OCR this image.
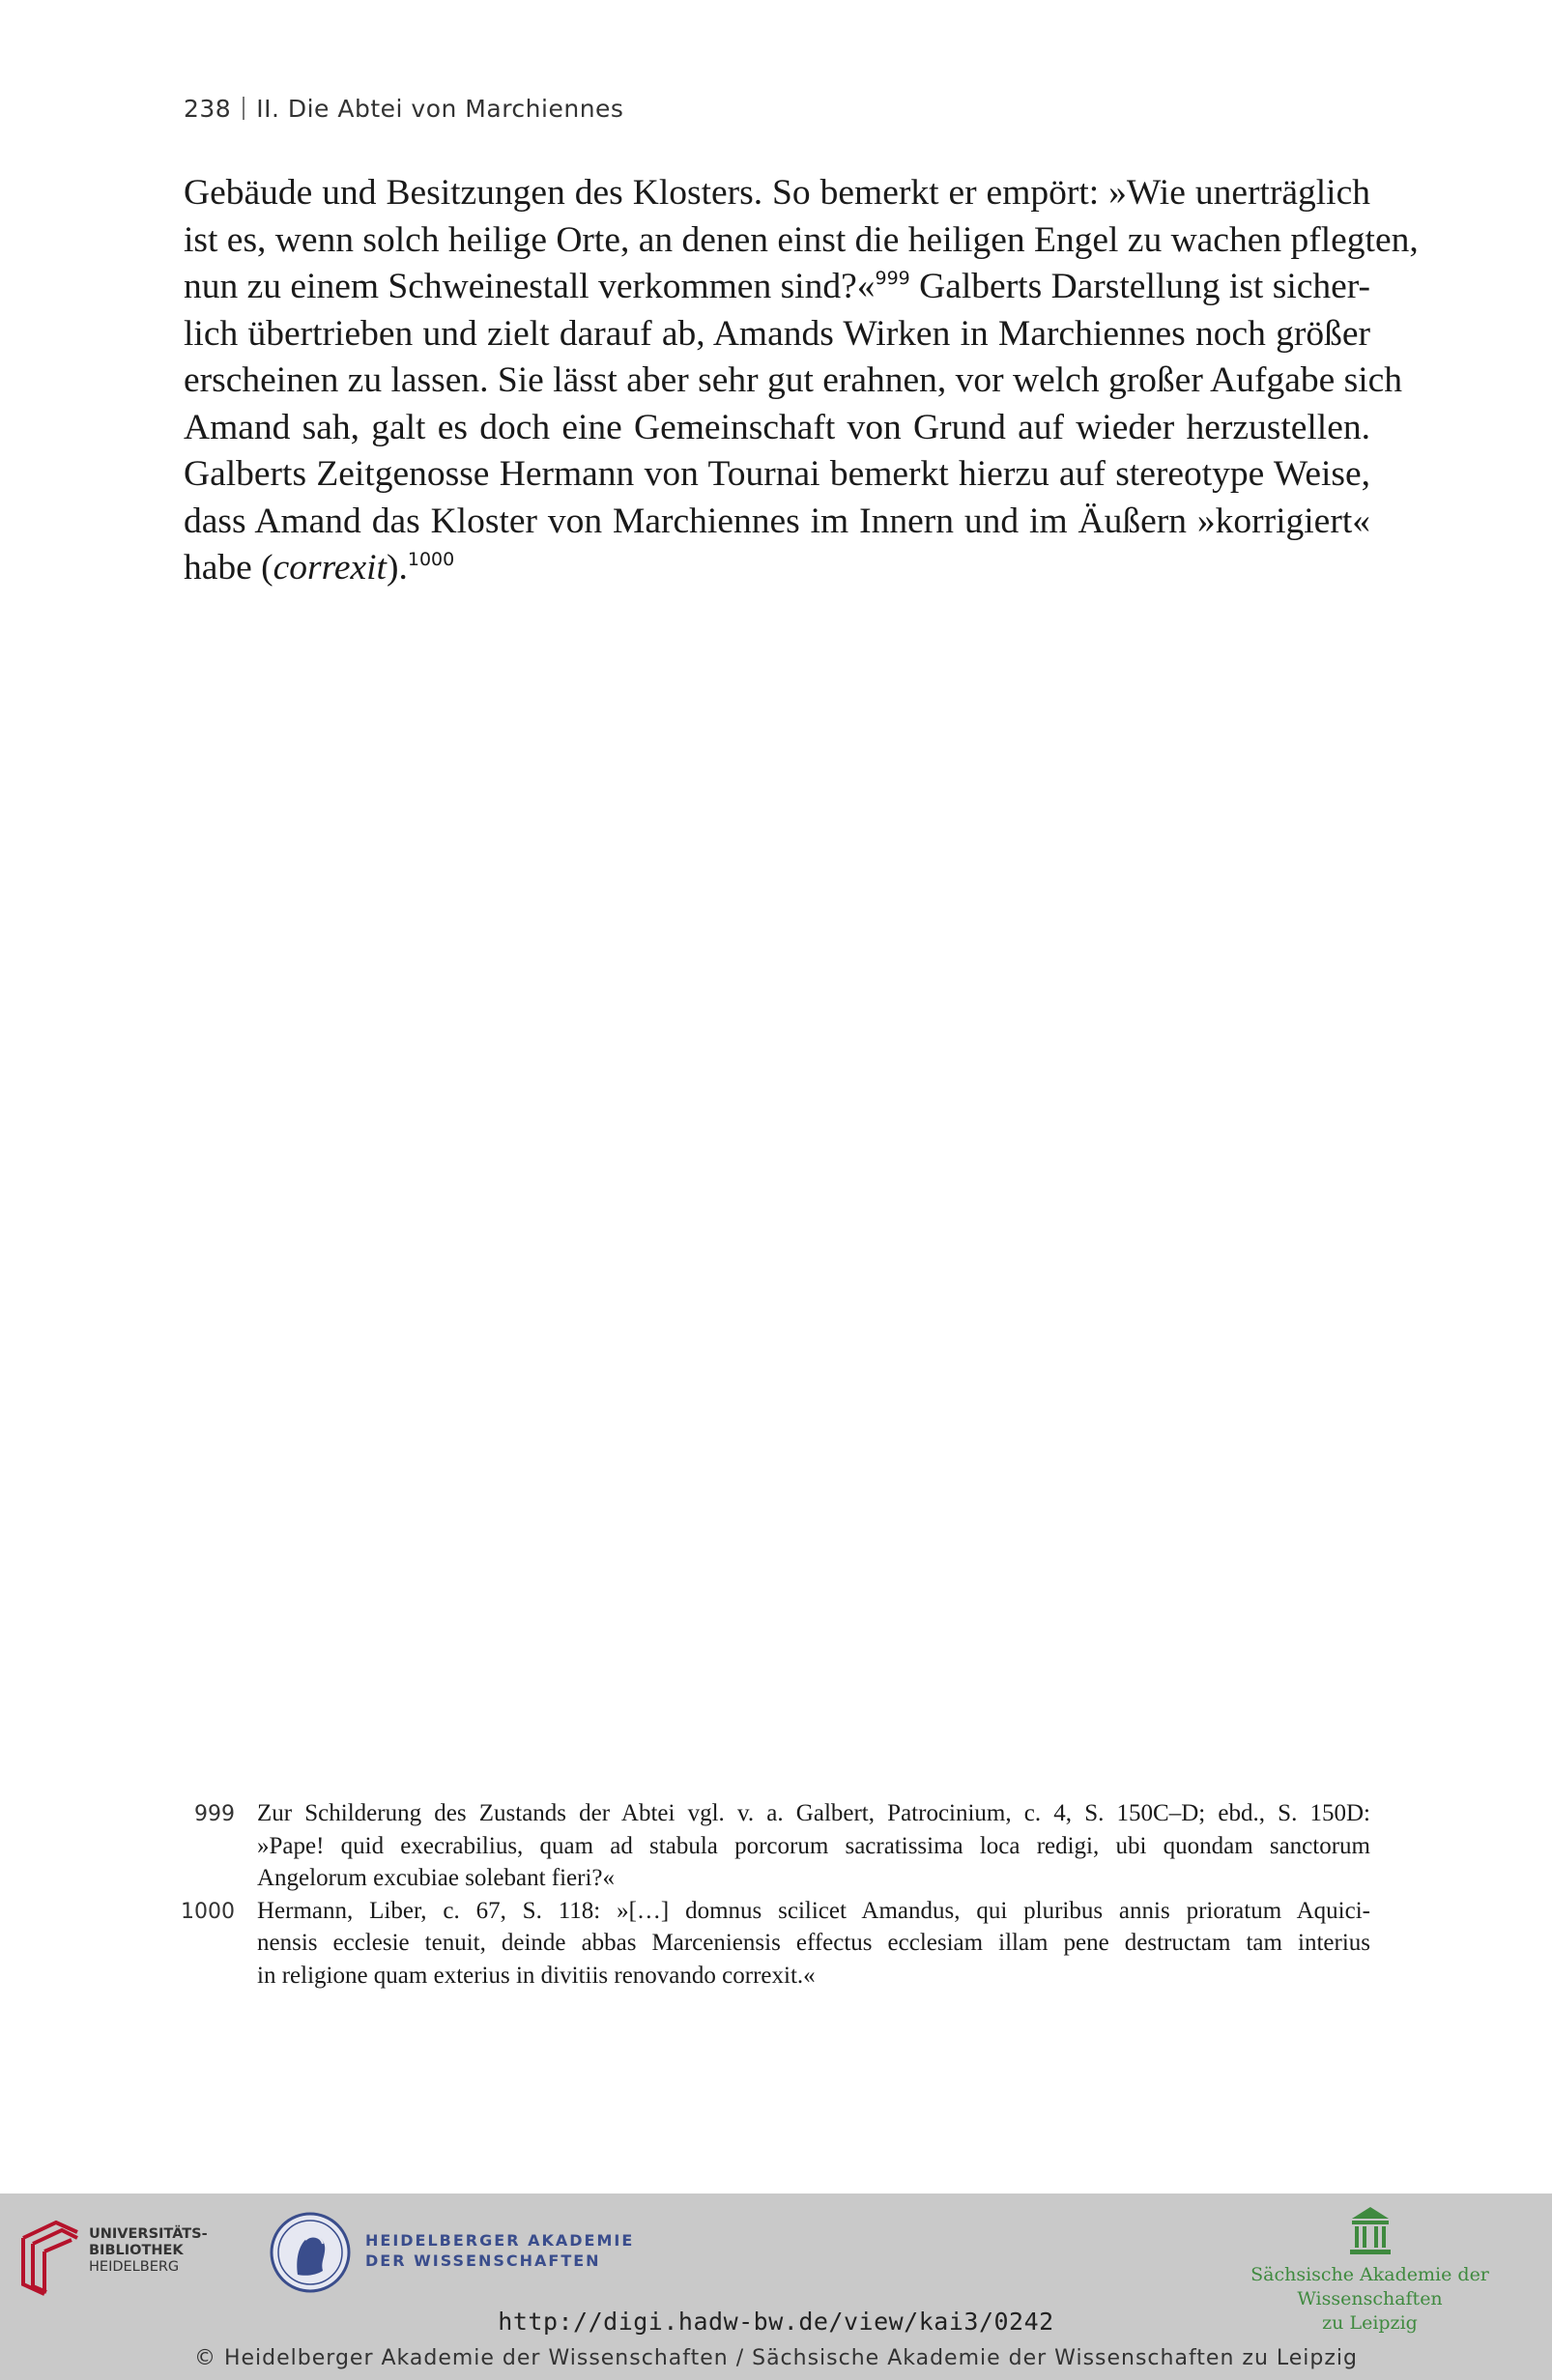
238 II. Die Abtei von Marchiennes
Gebäude und Besitzungen des Klosters. So bemerkt er empört: »Wie unerträglich
ist es, wenn solch heilige Orte, an denen einst die heiligen Engel zu wachen pflegten,
nun zu einem Schweinestall verkommen sind?«$^{999}$ Galberts Darstellung ist sicher-
lich übertrieben und zielt darauf ab, Amands Wirken in Marchiennes noch größer
erscheinen zu lassen. Sie lässt aber sehr gut erahnen, vor welch großer Aufgabe sich
Amand sah, galt es doch eine Gemeinschaft von Grund auf wieder herzustellen.
Galberts Zeitgenosse Hermann von Tournai bemerkt hierzu auf stereotype Weise,
dass Amand das Kloster von Marchiennes im Innern und im Äußern »korrigiert«
habe (correxit).$^{1000}$
999 Zur Schilderung des Zustands der Abtei vgl. v. a. Galbert, Patrocinium, c. 4, S. 150C–D; ebd., S. 150D:
»Pape! quid execrabilius, quam ad stabula porcorum sacratissima loca redigi, ubi quondam sanctorum
Angelorum excubiae solebant fieri?«
1000 Hermann, Liber, c. 67, S. 118: »[…] domnus scilicet Amandus, qui pluribus annis prioratum Aquici-
nensis ecclesie tenuit, deinde abbas Marceniensis effectus ecclesiam illam pene destructam tam interius
in religione quam exterius in divitiis renovando correxit.«
UNIVERSITÄTS-
BIBLIOTHEK
HEIDELBERG
HEIDELBERGER AKADEMIE
DER WISSENSCHAFTEN
Sächsische Akademie der Wissenschaften
zu Leipzig
http://digi.hadw-bw.de/view/kai3/0242
© Heidelberger Akademie der Wissenschaften / Sächsische Akademie der Wissenschaften zu Leipzig
